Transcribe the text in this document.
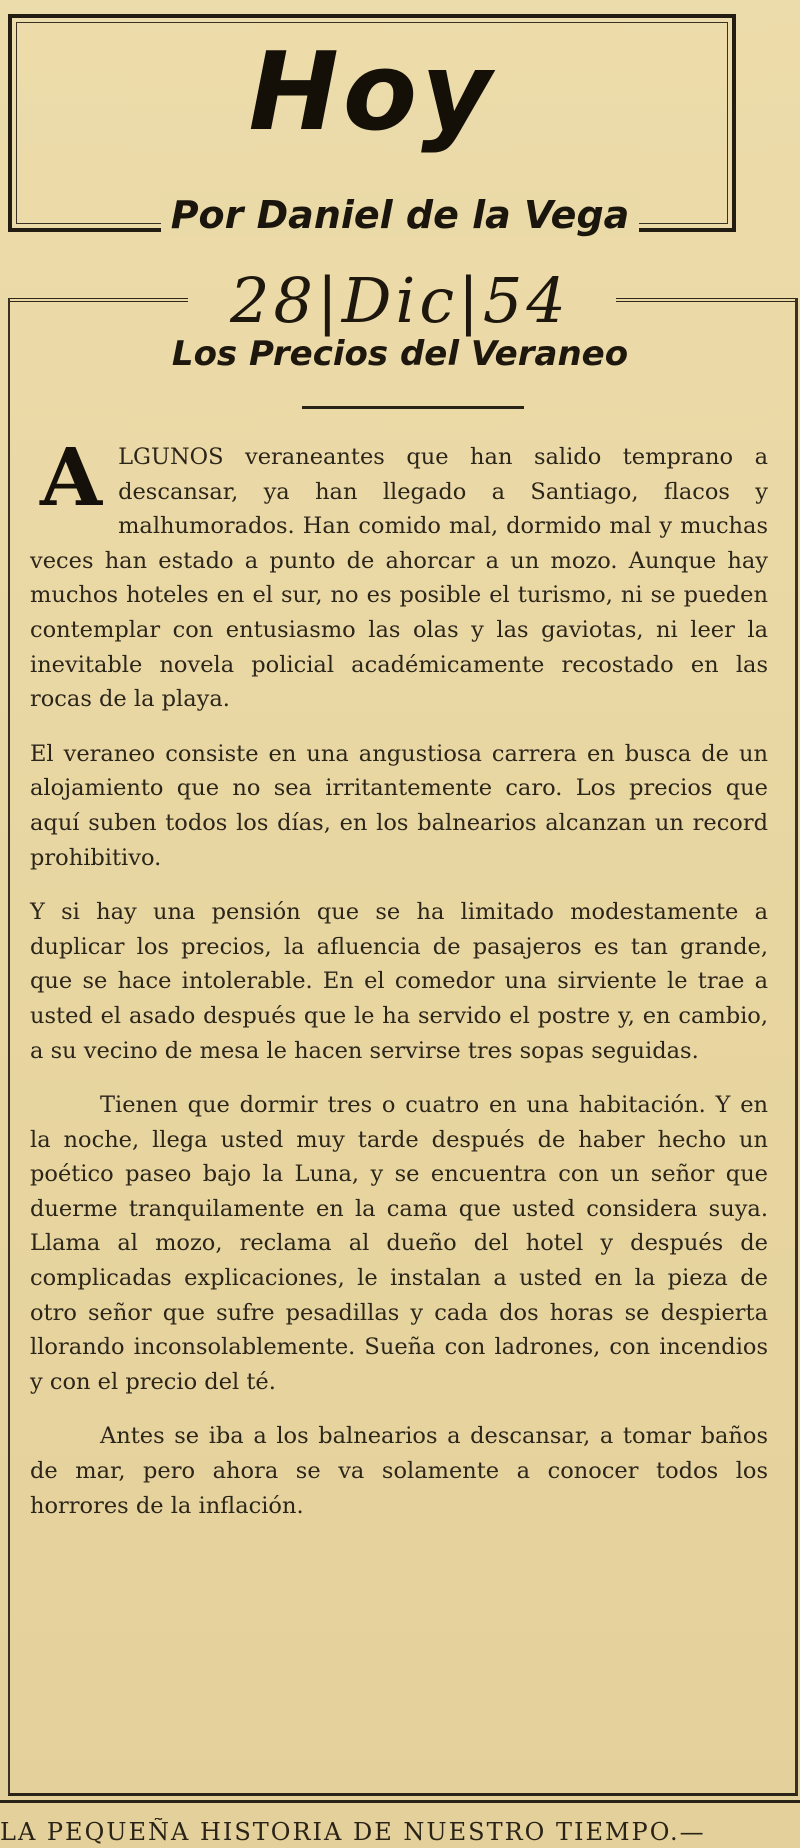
Hoy
Por Daniel de la Vega
28|Dic|54
Los Precios del Veraneo

ALGUNOS veraneantes que han salido temprano a descansar, ya han llegado a Santiago, flacos y malhumorados. Han comido mal, dormido mal y muchas veces han estado a punto de ahorcar a un mozo. Aunque hay muchos hoteles en el sur, no es posible el turismo, ni se pueden contemplar con entusiasmo las olas y las gaviotas, ni leer la inevitable novela policial académicamente recostado en las rocas de la playa.

El veraneo consiste en una angustiosa carrera en busca de un alojamiento que no sea irritantemente caro. Los precios que aquí suben todos los días, en los balnearios alcanzan un record prohibitivo.

Y si hay una pensión que se ha limitado modestamente a duplicar los precios, la afluencia de pasajeros es tan grande, que se hace intolerable. En el comedor una sirviente le trae a usted el asado después que le ha servido el postre y, en cambio, a su vecino de mesa le hacen servirse tres sopas seguidas.

Tienen que dormir tres o cuatro en una habitación. Y en la noche, llega usted muy tarde después de haber hecho un poético paseo bajo la Luna, y se encuentra con un señor que duerme tranquilamente en la cama que usted considera suya. Llama al mozo, reclama al dueño del hotel y después de complicadas explicaciones, le instalan a usted en la pieza de otro señor que sufre pesadillas y cada dos horas se despierta llorando inconsolablemente. Sueña con ladrones, con incendios y con el precio del té.

Antes se iba a los balnearios a descansar, a tomar baños de mar, pero ahora se va solamente a conocer todos los horrores de la inflación.

LA PEQUEÑA HISTORIA DE NUESTRO TIEMPO.—
